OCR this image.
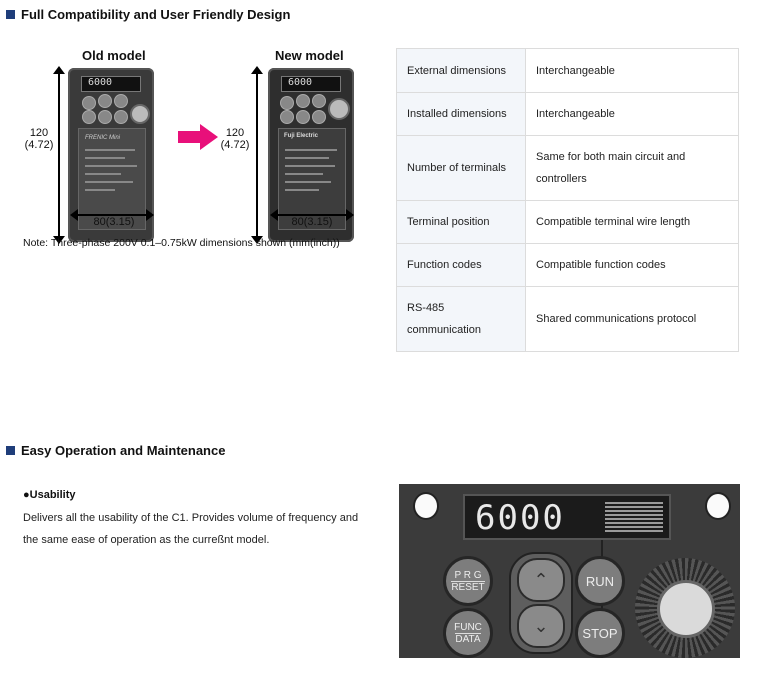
Full Compatibility and User Friendly Design
Old model	New model
120
(4.72)
6000
FRENIC Mini
80(3.15)
120
(4.72)
6000
Fuji Electric
80(3.15)
Note: Three-phase 200V 0.1–0.75kW dimensions shown (mm(inch))
External dimensions	Interchangeable
Installed dimensions	Interchangeable
Number of terminals	Same for both main circuit and controllers
Terminal position	Compatible terminal wire length
Function codes	Compatible function codes
RS-485 communication	Shared communications protocol
Easy Operation and Maintenance
●Usability
Delivers all the usability of the C1. Provides volume of frequency and the same ease of operation as the curreßnt model.
6000
P R G
RESET
FUNC
DATA
⌃
⌄
RUN
STOP
